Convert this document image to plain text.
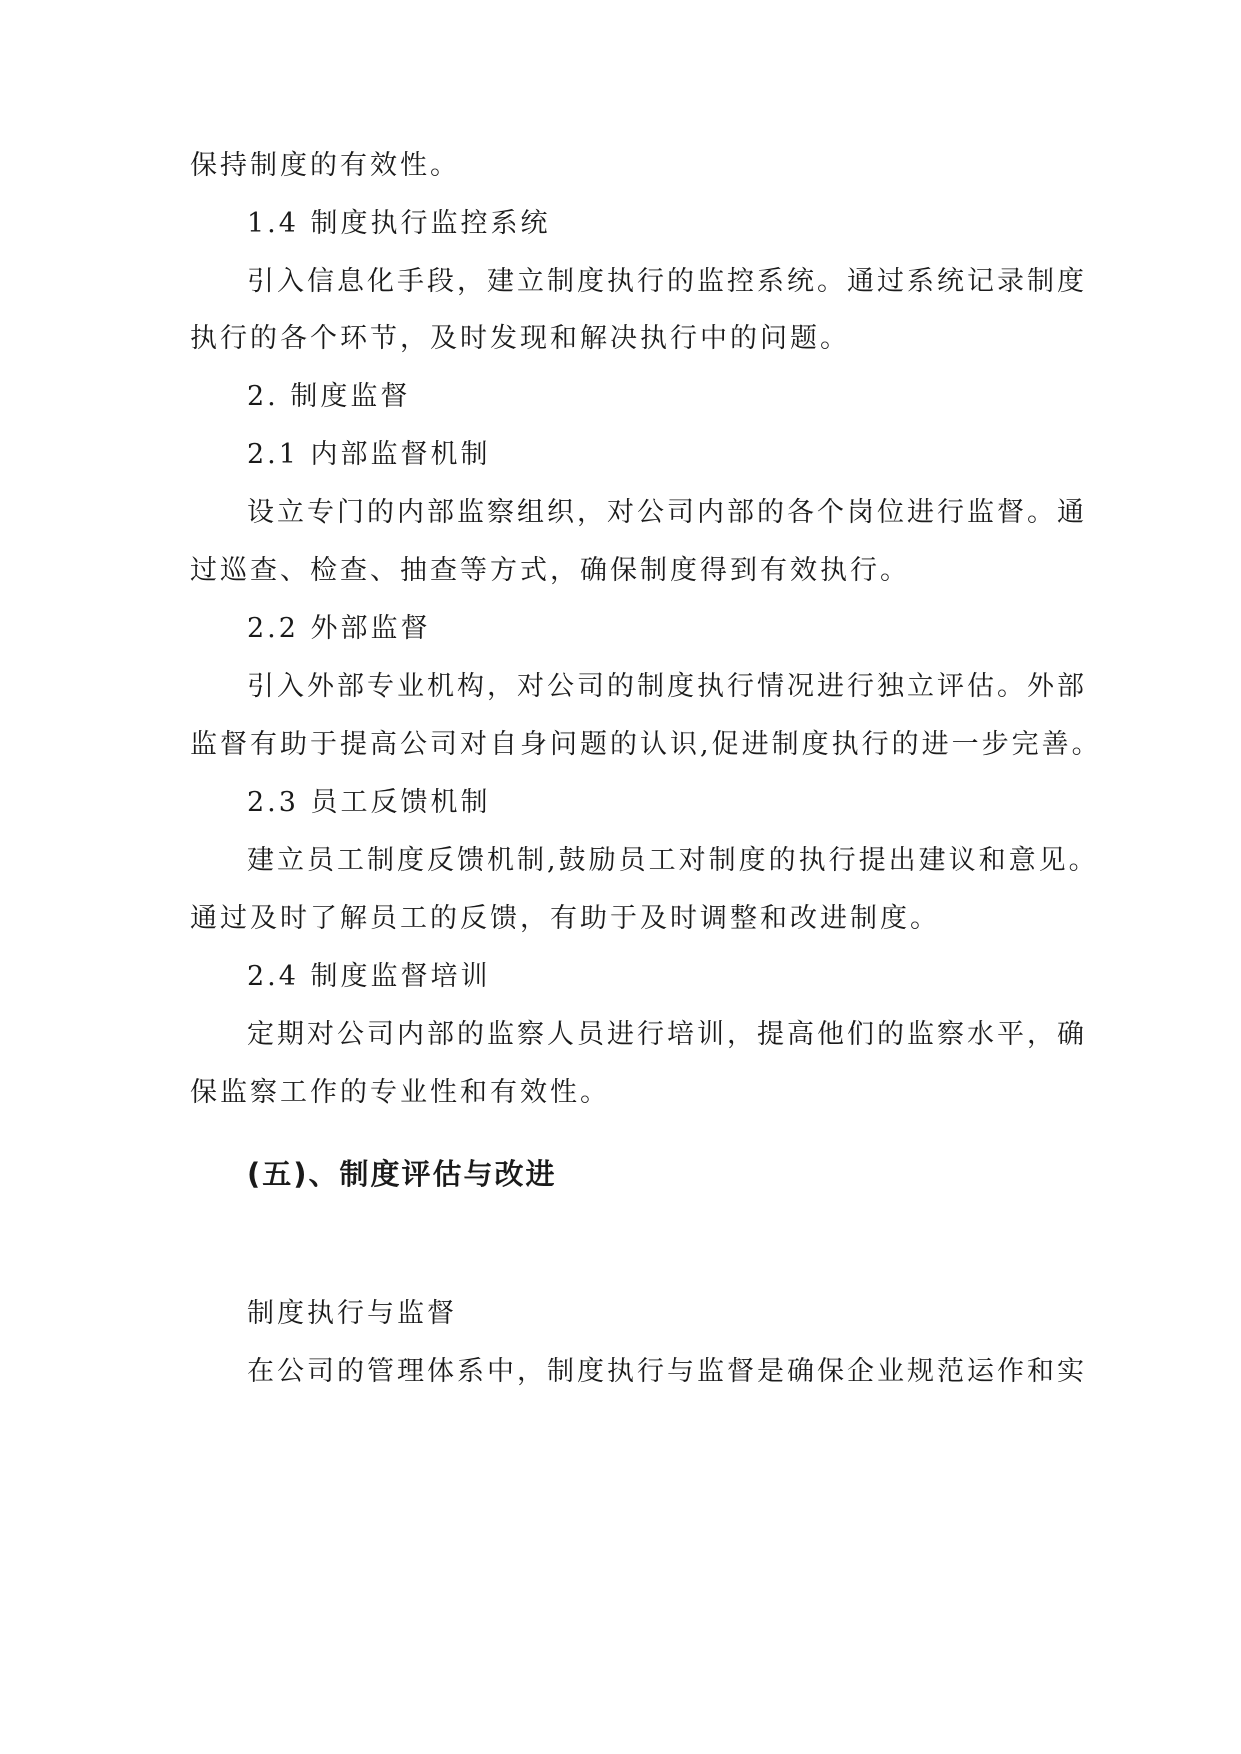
保持制度的有效性。
1.4 制度执行监控系统
引入信息化手段，建立制度执行的监控系统。通过系统记录制度
执行的各个环节，及时发现和解决执行中的问题。
2. 制度监督
2.1 内部监督机制
设立专门的内部监察组织，对公司内部的各个岗位进行监督。通
过巡查、检查、抽查等方式，确保制度得到有效执行。
2.2 外部监督
引入外部专业机构，对公司的制度执行情况进行独立评估。外部
监督有助于提高公司对自身问题的认识,促进制度执行的进一步完善。
2.3 员工反馈机制
建立员工制度反馈机制,鼓励员工对制度的执行提出建议和意见。
通过及时了解员工的反馈，有助于及时调整和改进制度。
2.4 制度监督培训
定期对公司内部的监察人员进行培训，提高他们的监察水平，确
保监察工作的专业性和有效性。
(五)、制度评估与改进
制度执行与监督
在公司的管理体系中，制度执行与监督是确保企业规范运作和实
